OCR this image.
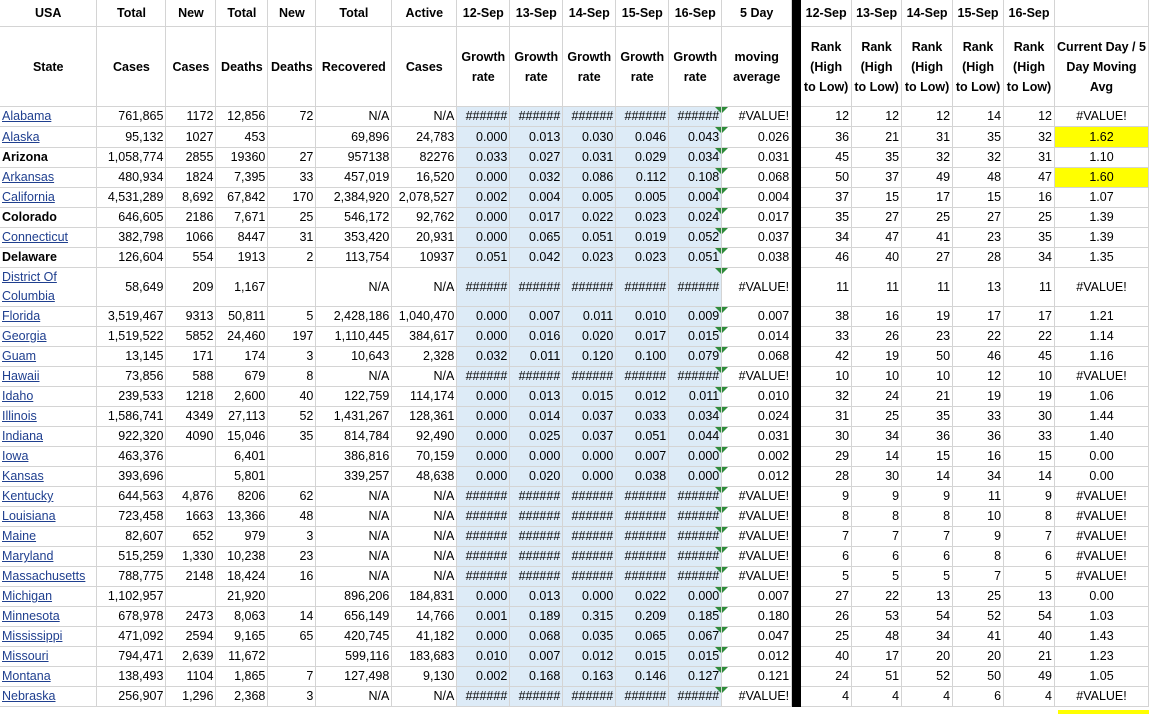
USA	Total	New	Total	New	Total	Active	12-Sep	13-Sep	14-Sep	15-Sep	16-Sep	5 Day		12-Sep	13-Sep	14-Sep	15-Sep	16-Sep	
State	Cases	Cases	Deaths	Deaths	Recovered	Cases	Growth rate	Growth rate	Growth rate	Growth rate	Growth rate	moving average		Rank (High to Low)	Rank (High to Low)	Rank (High to Low)	Rank (High to Low)	Rank (High to Low)	Current Day / 5 Day Moving Avg
Alabama	761,865	1172	12,856	72	N/A	N/A	######	######	######	######	######	#VALUE!		12	12	12	14	12	#VALUE!
Alaska	95,132	1027	453		69,896	24,783	0.000	0.013	0.030	0.046	0.043	0.026		36	21	31	35	32	1.62
Arizona	1,058,774	2855	19360	27	957138	82276	0.033	0.027	0.031	0.029	0.034	0.031		45	35	32	32	31	1.10
Arkansas	480,934	1824	7,395	33	457,019	16,520	0.000	0.032	0.086	0.112	0.108	0.068		50	37	49	48	47	1.60
California	4,531,289	8,692	67,842	170	2,384,920	2,078,527	0.002	0.004	0.005	0.005	0.004	0.004		37	15	17	15	16	1.07
Colorado	646,605	2186	7,671	25	546,172	92,762	0.000	0.017	0.022	0.023	0.024	0.017		35	27	25	27	25	1.39
Connecticut	382,798	1066	8447	31	353,420	20,931	0.000	0.065	0.051	0.019	0.052	0.037		34	47	41	23	35	1.39
Delaware	126,604	554	1913	2	113,754	10937	0.051	0.042	0.023	0.023	0.051	0.038		46	40	27	28	34	1.35
District Of Columbia	58,649	209	1,167		N/A	N/A	######	######	######	######	######	#VALUE!		11	11	11	13	11	#VALUE!
Florida	3,519,467	9313	50,811	5	2,428,186	1,040,470	0.000	0.007	0.011	0.010	0.009	0.007		38	16	19	17	17	1.21
Georgia	1,519,522	5852	24,460	197	1,110,445	384,617	0.000	0.016	0.020	0.017	0.015	0.014		33	26	23	22	22	1.14
Guam	13,145	171	174	3	10,643	2,328	0.032	0.011	0.120	0.100	0.079	0.068		42	19	50	46	45	1.16
Hawaii	73,856	588	679	8	N/A	N/A	######	######	######	######	######	#VALUE!		10	10	10	12	10	#VALUE!
Idaho	239,533	1218	2,600	40	122,759	114,174	0.000	0.013	0.015	0.012	0.011	0.010		32	24	21	19	19	1.06
Illinois	1,586,741	4349	27,113	52	1,431,267	128,361	0.000	0.014	0.037	0.033	0.034	0.024		31	25	35	33	30	1.44
Indiana	922,320	4090	15,046	35	814,784	92,490	0.000	0.025	0.037	0.051	0.044	0.031		30	34	36	36	33	1.40
Iowa	463,376		6,401		386,816	70,159	0.000	0.000	0.000	0.007	0.000	0.002		29	14	15	16	15	0.00
Kansas	393,696		5,801		339,257	48,638	0.000	0.020	0.000	0.038	0.000	0.012		28	30	14	34	14	0.00
Kentucky	644,563	4,876	8206	62	N/A	N/A	######	######	######	######	######	#VALUE!		9	9	9	11	9	#VALUE!
Louisiana	723,458	1663	13,366	48	N/A	N/A	######	######	######	######	######	#VALUE!		8	8	8	10	8	#VALUE!
Maine	82,607	652	979	3	N/A	N/A	######	######	######	######	######	#VALUE!		7	7	7	9	7	#VALUE!
Maryland	515,259	1,330	10,238	23	N/A	N/A	######	######	######	######	######	#VALUE!		6	6	6	8	6	#VALUE!
Massachusetts	788,775	2148	18,424	16	N/A	N/A	######	######	######	######	######	#VALUE!		5	5	5	7	5	#VALUE!
Michigan	1,102,957		21,920		896,206	184,831	0.000	0.013	0.000	0.022	0.000	0.007		27	22	13	25	13	0.00
Minnesota	678,978	2473	8,063	14	656,149	14,766	0.001	0.189	0.315	0.209	0.185	0.180		26	53	54	52	54	1.03
Mississippi	471,092	2594	9,165	65	420,745	41,182	0.000	0.068	0.035	0.065	0.067	0.047		25	48	34	41	40	1.43
Missouri	794,471	2,639	11,672		599,116	183,683	0.010	0.007	0.012	0.015	0.015	0.012		40	17	20	20	21	1.23
Montana	138,493	1104	1,865	7	127,498	9,130	0.002	0.168	0.163	0.146	0.127	0.121		24	51	52	50	49	1.05
Nebraska	256,907	1,296	2,368	3	N/A	N/A	######	######	######	######	######	#VALUE!		4	4	4	6	4	#VALUE!
